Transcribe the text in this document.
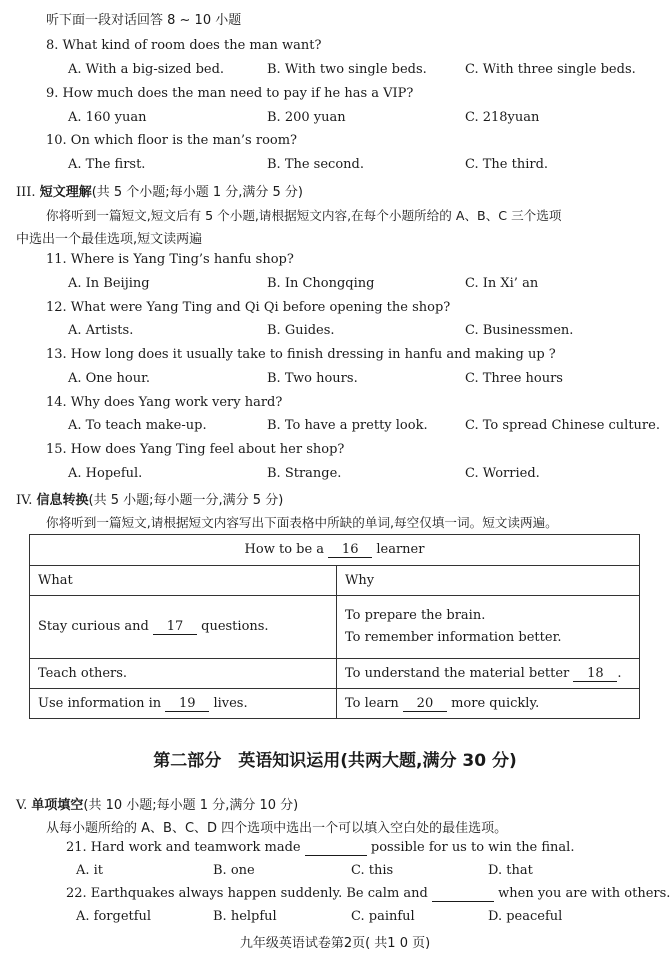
听下面一段对话回答 8 ~ 10 小题
8. What kind of room does the man want?
A. With a big-sized bed.	B. With two single beds.	C. With three single beds.
9. How much does the man need to pay if he has a VIP?
A. 160 yuan	B. 200 yuan	C. 218yuan
10. On which floor is the man’s room?
A. The first.	B. The second.	C. The third.
III. 短文理解(共 5 个小题;每小题 1 分,满分 5 分)
你将听到一篇短文,短文后有 5 个小题,请根据短文内容,在每个小题所给的 A、B、C 三个选项
中选出一个最佳选项,短文读两遍
11. Where is Yang Ting’s hanfu shop?
A. In Beijing	B. In Chongqing	C. In Xi’ an
12. What were Yang Ting and Qi Qi before opening the shop?
A. Artists.	B. Guides.	C. Businessmen.
13. How long does it usually take to finish dressing in hanfu and making up ?
A. One hour.	B. Two hours.	C. Three hours
14. Why does Yang work very hard?
A. To teach make-up.	B. To have a pretty look.	C. To spread Chinese culture.
15. How does Yang Ting feel about her shop?
A. Hopeful.	B. Strange.	C. Worried.
IV. 信息转换(共 5 小题;每小题一分,满分 5 分)
你将听到一篇短文,请根据短文内容写出下面表格中所缺的单词,每空仅填一词。短文读两遍。
How to be a 16 learner	
What	Why
Stay curious and 17 questions.	To prepare the brain.
To remember information better.

Teach others.	To understand the material better 18 .
Use information in 19 lives.	To learn 20 more quickly.
第二部分　英语知识运用(共两大题,满分 30 分)
V. 单项填空(共 10 小题;每小题 1 分,满分 10 分)
从每小题所给的 A、B、C、D 四个选项中选出一个可以填入空白处的最佳选项。
21. Hard work and teamwork made	possible for us to win the final.
A. it	B. one	C. this	D. that
22. Earthquakes always happen suddenly. Be calm and	when you are with others.
A. forgetful	B. helpful	C. painful	D. peaceful
九年级英语试卷第2页( 共1 0 页)
